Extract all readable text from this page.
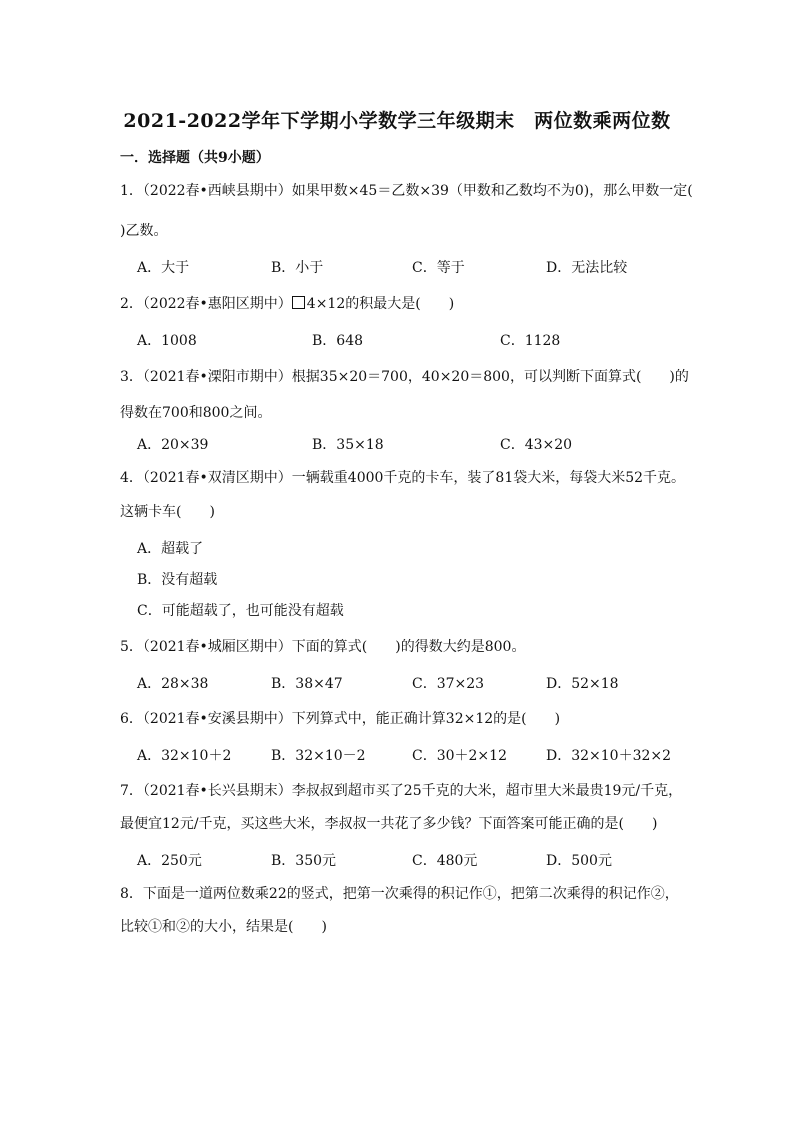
2021-2022学年下学期小学数学三年级期末　两位数乘两位数
一．选择题（共9小题）
1．（2022春•西峡县期中）如果甲数×45＝乙数×39（甲数和乙数均不为0)，那么甲数一定(
)乙数。
A．大于	B．小于	C．等于	D．无法比较
2．（2022春•惠阳区期中） 4×12的积最大是(　　)
A．1008	B．648	C．1128
3．（2021春•溧阳市期中）根据35×20＝700，40×20＝800，可以判断下面算式(　　)的
得数在700和800之间。
A．20×39	B．35×18	C．43×20
4．（2021春•双清区期中）一辆载重4000千克的卡车，装了81袋大米，每袋大米52千克。
这辆卡车(　　)
A．超载了
B．没有超载
C．可能超载了，也可能没有超载
5．（2021春•城厢区期中）下面的算式(　　)的得数大约是800。
A．28×38	B．38×47	C．37×23	D．52×18
6．（2021春•安溪县期中）下列算式中，能正确计算32×12的是(　　)
A．32×10＋2	B．32×10－2	C．30＋2×12	D．32×10＋32×2
7．（2021春•长兴县期末）李叔叔到超市买了25千克的大米，超市里大米最贵19元/千克，
最便宜12元/千克，买这些大米，李叔叔一共花了多少钱？下面答案可能正确的是(　　)
A．250元	B．350元	C．480元	D．500元
8．下面是一道两位数乘22的竖式，把第一次乘得的积记作①，把第二次乘得的积记作②，
比较①和②的大小，结果是(　　)
